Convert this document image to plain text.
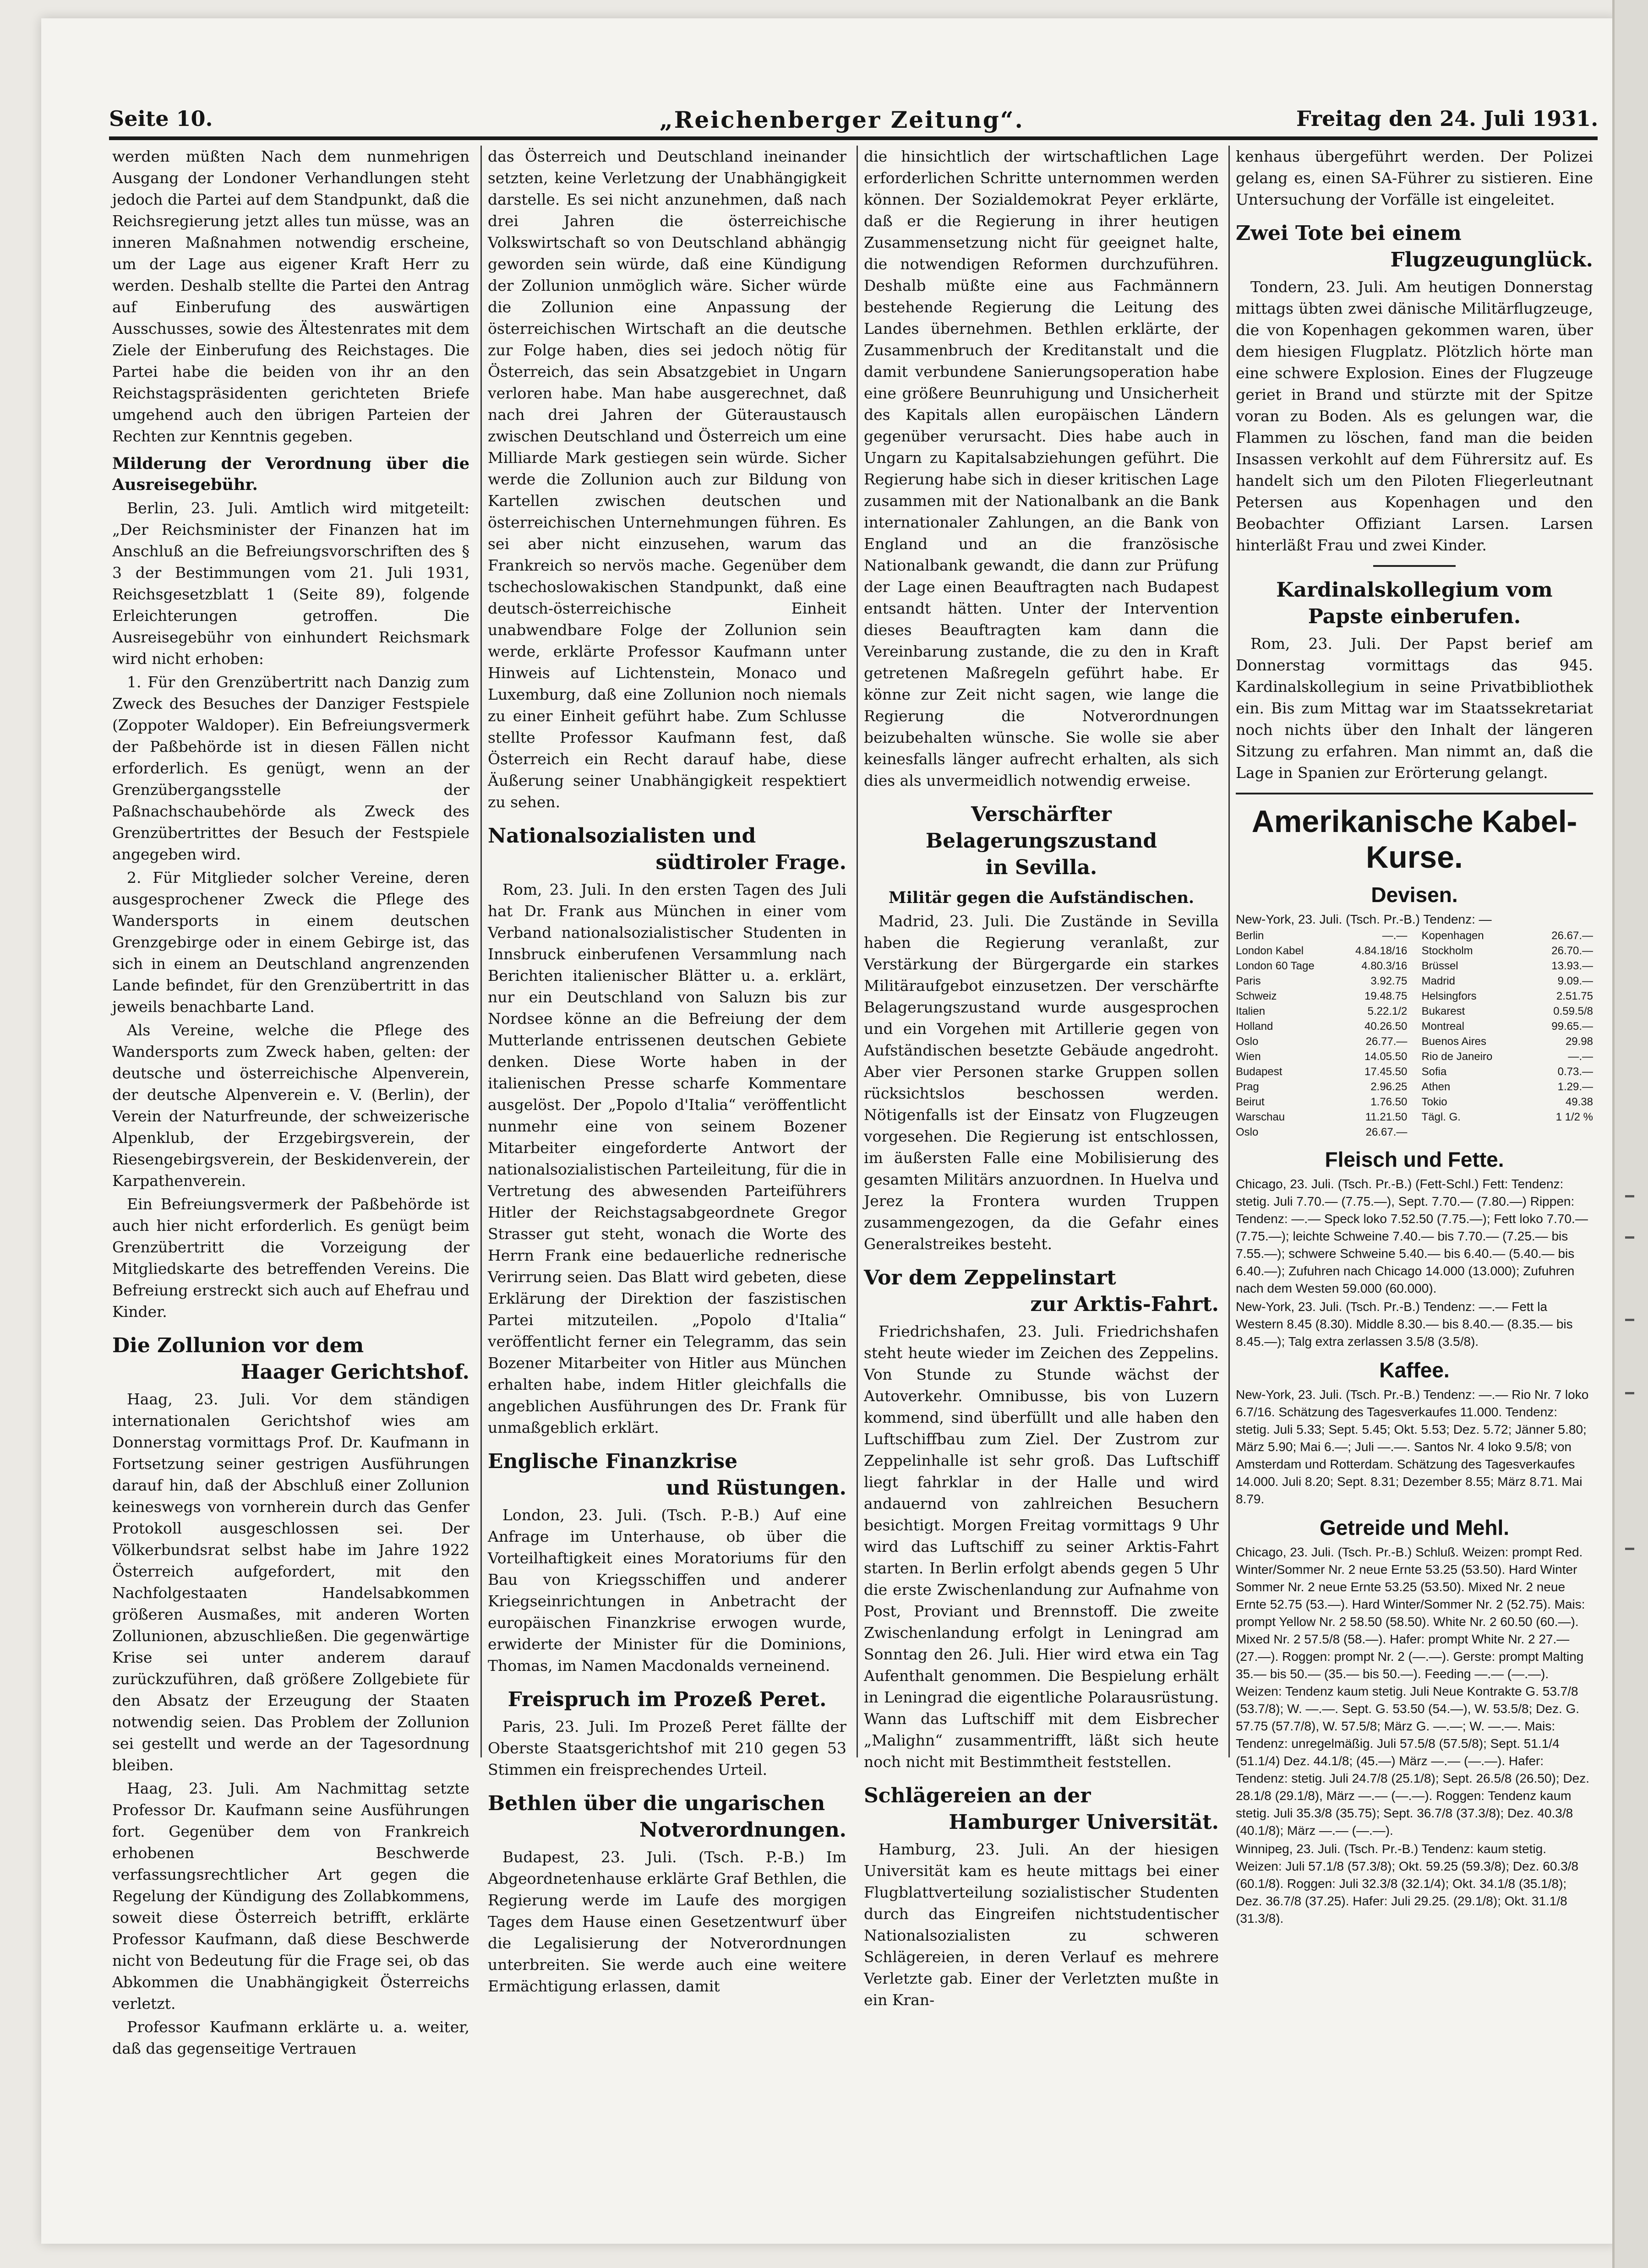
Seite 10.	„Reichenberger Zeitung“.	Freitag den 24. Juli 1931.

werden müßten Nach dem nunmehrigen Ausgang der Londoner Verhandlungen steht jedoch die Partei auf dem Standpunkt, daß die Reichsregierung jetzt alles tun müsse, was an inneren Maßnahmen notwendig erscheine, um der Lage aus eigener Kraft Herr zu werden. Deshalb stellte die Partei den Antrag auf Einberufung des auswärtigen Ausschusses, sowie des Ältestenrates mit dem Ziele der Einberufung des Reichstages. Die Partei habe die beiden von ihr an den Reichstagspräsidenten gerichteten Briefe umgehend auch den übrigen Parteien der Rechten zur Kenntnis gegeben.

Milderung der Verordnung über die Ausreisegebühr.

Berlin, 23. Juli. Amtlich wird mitgeteilt: „Der Reichsminister der Finanzen hat im Anschluß an die Befreiungsvorschriften des § 3 der Bestimmungen vom 21. Juli 1931, Reichsgesetzblatt 1 (Seite 89), folgende Erleichterungen getroffen. Die Ausreisegebühr von einhundert Reichsmark wird nicht erhoben:

1. Für den Grenzübertritt nach Danzig zum Zweck des Besuches der Danziger Festspiele (Zoppoter Waldoper). Ein Befreiungsvermerk der Paßbehörde ist in diesen Fällen nicht erforderlich. Es genügt, wenn an der Grenzübergangsstelle der Paßnachschaubehörde als Zweck des Grenzübertrittes der Besuch der Festspiele angegeben wird.

2. Für Mitglieder solcher Vereine, deren ausgesprochener Zweck die Pflege des Wandersports in einem deutschen Grenzgebirge oder in einem Gebirge ist, das sich in einem an Deutschland angrenzenden Lande befindet, für den Grenzübertritt in das jeweils benachbarte Land.

Als Vereine, welche die Pflege des Wandersports zum Zweck haben, gelten: der deutsche und österreichische Alpenverein, der deutsche Alpenverein e. V. (Berlin), der Verein der Naturfreunde, der schweizerische Alpenklub, der Erzgebirgsverein, der Riesengebirgsverein, der Beskidenverein, der Karpathenverein.

Ein Befreiungsvermerk der Paßbehörde ist auch hier nicht erforderlich. Es genügt beim Grenzübertritt die Vorzeigung der Mitgliedskarte des betreffenden Vereins. Die Befreiung erstreckt sich auch auf Ehefrau und Kinder.

Die Zollunion vor dem
Haager Gerichtshof.

Haag, 23. Juli. Vor dem ständigen internationalen Gerichtshof wies am Donnerstag vormittags Prof. Dr. Kaufmann in Fortsetzung seiner gestrigen Ausführungen darauf hin, daß der Abschluß einer Zollunion keineswegs von vornherein durch das Genfer Protokoll ausgeschlossen sei. Der Völkerbundsrat selbst habe im Jahre 1922 Österreich aufgefordert, mit den Nachfolgestaaten Handelsabkommen größeren Ausmaßes, mit anderen Worten Zollunionen, abzuschließen. Die gegenwärtige Krise sei unter anderem darauf zurückzuführen, daß größere Zollgebiete für den Absatz der Erzeugung der Staaten notwendig seien. Das Problem der Zollunion sei gestellt und werde an der Tagesordnung bleiben.

Haag, 23. Juli. Am Nachmittag setzte Professor Dr. Kaufmann seine Ausführungen fort. Gegenüber dem von Frankreich erhobenen Beschwerde verfassungsrechtlicher Art gegen die Regelung der Kündigung des Zollabkommens, soweit diese Österreich betrifft, erklärte Professor Kaufmann, daß diese Beschwerde nicht von Bedeutung für die Frage sei, ob das Abkommen die Unabhängigkeit Österreichs verletzt.

Professor Kaufmann erklärte u. a. weiter, daß das gegenseitige Vertrauen

das Österreich und Deutschland ineinander setzten, keine Verletzung der Unabhängigkeit darstelle. Es sei nicht anzunehmen, daß nach drei Jahren die österreichische Volkswirtschaft so von Deutschland abhängig geworden sein würde, daß eine Kündigung der Zollunion unmöglich wäre. Sicher würde die Zollunion eine Anpassung der österreichischen Wirtschaft an die deutsche zur Folge haben, dies sei jedoch nötig für Österreich, das sein Absatzgebiet in Ungarn verloren habe. Man habe ausgerechnet, daß nach drei Jahren der Güteraustausch zwischen Deutschland und Österreich um eine Milliarde Mark gestiegen sein würde. Sicher werde die Zollunion auch zur Bildung von Kartellen zwischen deutschen und österreichischen Unternehmungen führen. Es sei aber nicht einzusehen, warum das Frankreich so nervös mache. Gegenüber dem tschechoslowakischen Standpunkt, daß eine deutsch-österreichische Einheit unabwendbare Folge der Zollunion sein werde, erklärte Professor Kaufmann unter Hinweis auf Lichtenstein, Monaco und Luxemburg, daß eine Zollunion noch niemals zu einer Einheit geführt habe. Zum Schlusse stellte Professor Kaufmann fest, daß Österreich ein Recht darauf habe, diese Äußerung seiner Unabhängigkeit respektiert zu sehen.

Nationalsozialisten und
südtiroler Frage.

Rom, 23. Juli. In den ersten Tagen des Juli hat Dr. Frank aus München in einer vom Verband nationalsozialistischer Studenten in Innsbruck einberufenen Versammlung nach Berichten italienischer Blätter u. a. erklärt, nur ein Deutschland von Saluzn bis zur Nordsee könne an die Befreiung der dem Mutterlande entrissenen deutschen Gebiete denken. Diese Worte haben in der italienischen Presse scharfe Kommentare ausgelöst. Der „Popolo d'Italia“ veröffentlicht nunmehr eine von seinem Bozener Mitarbeiter eingeforderte Antwort der nationalsozialistischen Parteileitung, für die in Vertretung des abwesenden Parteiführers Hitler der Reichstagsabgeordnete Gregor Strasser gut steht, wonach die Worte des Herrn Frank eine bedauerliche rednerische Verirrung seien. Das Blatt wird gebeten, diese Erklärung der Direktion der faszistischen Partei mitzuteilen. „Popolo d'Italia“ veröffentlicht ferner ein Telegramm, das sein Bozener Mitarbeiter von Hitler aus München erhalten habe, indem Hitler gleichfalls die angeblichen Ausführungen des Dr. Frank für unmaßgeblich erklärt.

Englische Finanzkrise
und Rüstungen.

London, 23. Juli. (Tsch. P.-B.) Auf eine Anfrage im Unterhause, ob über die Vorteilhaftigkeit eines Moratoriums für den Bau von Kriegsschiffen und anderer Kriegseinrichtungen in Anbetracht der europäischen Finanzkrise erwogen wurde, erwiderte der Minister für die Dominions, Thomas, im Namen Macdonalds verneinend.

Freispruch im Prozeß Peret.

Paris, 23. Juli. Im Prozeß Peret fällte der Oberste Staatsgerichtshof mit 210 gegen 53 Stimmen ein freisprechendes Urteil.

Bethlen über die ungarischen
Notverordnungen.

Budapest, 23. Juli. (Tsch. P.-B.) Im Abgeordnetenhause erklärte Graf Bethlen, die Regierung werde im Laufe des morgigen Tages dem Hause einen Gesetzentwurf über die Legalisierung der Notverordnungen unterbreiten. Sie werde auch eine weitere Ermächtigung erlassen, damit

die hinsichtlich der wirtschaftlichen Lage erforderlichen Schritte unternommen werden können. Der Sozialdemokrat Peyer erklärte, daß er die Regierung in ihrer heutigen Zusammensetzung nicht für geeignet halte, die notwendigen Reformen durchzuführen. Deshalb müßte eine aus Fachmännern bestehende Regierung die Leitung des Landes übernehmen. Bethlen erklärte, der Zusammenbruch der Kreditanstalt und die damit verbundene Sanierungsoperation habe eine größere Beunruhigung und Unsicherheit des Kapitals allen europäischen Ländern gegenüber verursacht. Dies habe auch in Ungarn zu Kapitalsabziehungen geführt. Die Regierung habe sich in dieser kritischen Lage zusammen mit der Nationalbank an die Bank internationaler Zahlungen, an die Bank von England und an die französische Nationalbank gewandt, die dann zur Prüfung der Lage einen Beauftragten nach Budapest entsandt hätten. Unter der Intervention dieses Beauftragten kam dann die Vereinbarung zustande, die zu den in Kraft getretenen Maßregeln geführt habe. Er könne zur Zeit nicht sagen, wie lange die Regierung die Notverordnungen beizubehalten wünsche. Sie wolle sie aber keinesfalls länger aufrecht erhalten, als sich dies als unvermeidlich notwendig erweise.

Verschärfter Belagerungszustand
in Sevilla.
Militär gegen die Aufständischen.

Madrid, 23. Juli. Die Zustände in Sevilla haben die Regierung veranlaßt, zur Verstärkung der Bürgergarde ein starkes Militäraufgebot einzusetzen. Der verschärfte Belagerungszustand wurde ausgesprochen und ein Vorgehen mit Artillerie gegen von Aufständischen besetzte Gebäude angedroht. Aber vier Personen starke Gruppen sollen rücksichtslos beschossen werden. Nötigenfalls ist der Einsatz von Flugzeugen vorgesehen. Die Regierung ist entschlossen, im äußersten Falle eine Mobilisierung des gesamten Militärs anzuordnen. In Huelva und Jerez la Frontera wurden Truppen zusammengezogen, da die Gefahr eines Generalstreikes besteht.

Vor dem Zeppelinstart
zur Arktis-Fahrt.

Friedrichshafen, 23. Juli. Friedrichshafen steht heute wieder im Zeichen des Zeppelins. Von Stunde zu Stunde wächst der Autoverkehr. Omnibusse, bis von Luzern kommend, sind überfüllt und alle haben den Luftschiffbau zum Ziel. Der Zustrom zur Zeppelinhalle ist sehr groß. Das Luftschiff liegt fahrklar in der Halle und wird andauernd von zahlreichen Besuchern besichtigt. Morgen Freitag vormittags 9 Uhr wird das Luftschiff zu seiner Arktis-Fahrt starten. In Berlin erfolgt abends gegen 5 Uhr die erste Zwischenlandung zur Aufnahme von Post, Proviant und Brennstoff. Die zweite Zwischenlandung erfolgt in Leningrad am Sonntag den 26. Juli. Hier wird etwa ein Tag Aufenthalt genommen. Die Bespielung erhält in Leningrad die eigentliche Polarausrüstung. Wann das Luftschiff mit dem Eisbrecher „Malighn“ zusammentrifft, läßt sich heute noch nicht mit Bestimmtheit feststellen.

Schlägereien an der
Hamburger Universität.

Hamburg, 23. Juli. An der hiesigen Universität kam es heute mittags bei einer Flugblattverteilung sozialistischer Studenten durch das Eingreifen nichtstudentischer Nationalsozialisten zu schweren Schlägereien, in deren Verlauf es mehrere Verletzte gab. Einer der Verletzten mußte in ein Kran-

kenhaus übergeführt werden. Der Polizei gelang es, einen SA-Führer zu sistieren. Eine Untersuchung der Vorfälle ist eingeleitet.

Zwei Tote bei einem
Flugzeugunglück.

Tondern, 23. Juli. Am heutigen Donnerstag mittags übten zwei dänische Militärflugzeuge, die von Kopenhagen gekommen waren, über dem hiesigen Flugplatz. Plötzlich hörte man eine schwere Explosion. Eines der Flugzeuge geriet in Brand und stürzte mit der Spitze voran zu Boden. Als es gelungen war, die Flammen zu löschen, fand man die beiden Insassen verkohlt auf dem Führersitz auf. Es handelt sich um den Piloten Fliegerleutnant Petersen aus Kopenhagen und den Beobachter Offiziant Larsen. Larsen hinterläßt Frau und zwei Kinder.

Kardinalskollegium vom
Papste einberufen.

Rom, 23. Juli. Der Papst berief am Donnerstag vormittags das 945. Kardinalskollegium in seine Privatbibliothek ein. Bis zum Mittag war im Staatssekretariat noch nichts über den Inhalt der längeren Sitzung zu erfahren. Man nimmt an, daß die Lage in Spanien zur Erörterung gelangt.

Amerikanische Kabel-Kurse.
Devisen.
New-York, 23. Juli. (Tsch. Pr.-B.) Tendenz: —
Berlin	—.—
London Kabel	4.84.18/16
London 60 Tage	4.80.3/16
Paris	3.92.75
Schweiz	19.48.75
Italien	5.22.1/2
Holland	40.26.50
Oslo	26.77.—
Wien	14.05.50
Budapest	17.45.50
Prag	2.96.25
Beirut	1.76.50
Warschau	11.21.50
Oslo	26.67.—
Kopenhagen	26.67.—
Stockholm	26.70.—
Brüssel	13.93.—
Madrid	9.09.—
Helsingfors	2.51.75
Bukarest	0.59.5/8
Montreal	99.65.—
Buenos Aires	29.98
Rio de Janeiro	—.—
Sofia	0.73.—
Athen	1.29.—
Tokio	49.38
Tägl. G.	1 1/2 %
Fleisch und Fette.

Chicago, 23. Juli. (Tsch. Pr.-B.) (Fett-Schl.) Fett: Tendenz: stetig. Juli 7.70.— (7.75.—), Sept. 7.70.— (7.80.—) Rippen: Tendenz: —.— Speck loko 7.52.50 (7.75.—); Fett loko 7.70.— (7.75.—); leichte Schweine 7.40.— bis 7.70.— (7.25.— bis 7.55.—); schwere Schweine 5.40.— bis 6.40.— (5.40.— bis 6.40.—); Zufuhren nach Chicago 14.000 (13.000); Zufuhren nach dem Westen 59.000 (60.000).

New-York, 23. Juli. (Tsch. Pr.-B.) Tendenz: —.— Fett la Western 8.45 (8.30). Middle 8.30.— bis 8.40.— (8.35.— bis 8.45.—); Talg extra zerlassen 3.5/8 (3.5/8).

Kaffee.

New-York, 23. Juli. (Tsch. Pr.-B.) Tendenz: —.— Rio Nr. 7 loko 6.7/16. Schätzung des Tagesverkaufes 11.000. Tendenz: stetig. Juli 5.33; Sept. 5.45; Okt. 5.53; Dez. 5.72; Jänner 5.80; März 5.90; Mai 6.—; Juli —.—. Santos Nr. 4 loko 9.5/8; von Amsterdam und Rotterdam. Schätzung des Tagesverkaufes 14.000. Juli 8.20; Sept. 8.31; Dezember 8.55; März 8.71. Mai 8.79.

Getreide und Mehl.

Chicago, 23. Juli. (Tsch. Pr.-B.) Schluß. Weizen: prompt Red. Winter/Sommer Nr. 2 neue Ernte 53.25 (53.50). Hard Winter Sommer Nr. 2 neue Ernte 53.25 (53.50). Mixed Nr. 2 neue Ernte 52.75 (53.—). Hard Winter/Sommer Nr. 2 (52.75). Mais: prompt Yellow Nr. 2 58.50 (58.50). White Nr. 2 60.50 (60.—). Mixed Nr. 2 57.5/8 (58.—). Hafer: prompt White Nr. 2 27.— (27.—). Roggen: prompt Nr. 2 (—.—). Gerste: prompt Malting 35.— bis 50.— (35.— bis 50.—). Feeding —.— (—.—). Weizen: Tendenz kaum stetig. Juli Neue Kontrakte G. 53.7/8 (53.7/8); W. —.—. Sept. G. 53.50 (54.—), W. 53.5/8; Dez. G. 57.75 (57.7/8), W. 57.5/8; März G. —.—; W. —.—. Mais: Tendenz: unregelmäßig. Juli 57.5/8 (57.5/8); Sept. 51.1/4 (51.1/4) Dez. 44.1/8; (45.—) März —.— (—.—). Hafer: Tendenz: stetig. Juli 24.7/8 (25.1/8); Sept. 26.5/8 (26.50); Dez. 28.1/8 (29.1/8), März —.— (—.—). Roggen: Tendenz kaum stetig. Juli 35.3/8 (35.75); Sept. 36.7/8 (37.3/8); Dez. 40.3/8 (40.1/8); März —.— (—.—).

Winnipeg, 23. Juli. (Tsch. Pr.-B.) Tendenz: kaum stetig. Weizen: Juli 57.1/8 (57.3/8); Okt. 59.25 (59.3/8); Dez. 60.3/8 (60.1/8). Roggen: Juli 32.3/8 (32.1/4); Okt. 34.1/8 (35.1/8); Dez. 36.7/8 (37.25). Hafer: Juli 29.25. (29.1/8); Okt. 31.1/8 (31.3/8).
